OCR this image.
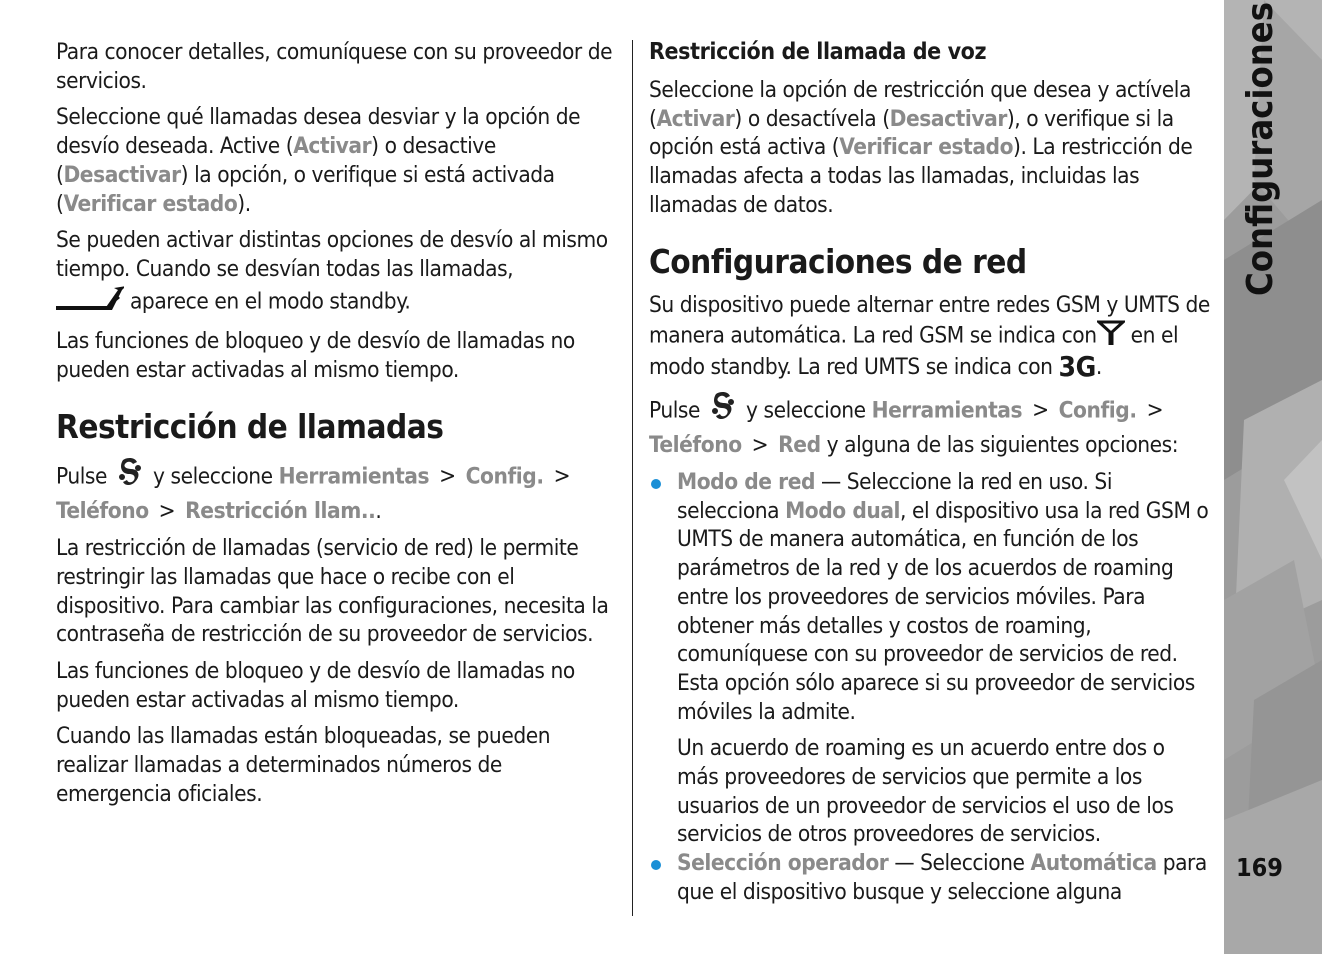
Para conocer detalles, comuníquese con su proveedor de servicios.

Seleccione qué llamadas desea desviar y la opción de desvío deseada. Active (Activar) o desactive (Desactivar) la opción, o verifique si está activada (Verificar estado).

Se pueden activar distintas opciones de desvío al mismo tiempo. Cuando se desvían todas las llamadas,
aparece en el modo standby.

Las funciones de bloqueo y de desvío de llamadas no pueden estar activadas al mismo tiempo.

Restricción de llamadas

Pulse y seleccione Herramientas > Config. >
Teléfono > Restricción llam...

La restricción de llamadas (servicio de red) le permite restringir las llamadas que hace o recibe con el dispositivo. Para cambiar las configuraciones, necesita la contraseña de restricción de su proveedor de servicios.

Las funciones de bloqueo y de desvío de llamadas no pueden estar activadas al mismo tiempo.

Cuando las llamadas están bloqueadas, se pueden realizar llamadas a determinados números de emergencia oficiales.

Restricción de llamada de voz

Seleccione la opción de restricción que desea y actívela (Activar) o desactívela (Desactivar), o verifique si la opción está activa (Verificar estado). La restricción de llamadas afecta a todas las llamadas, incluidas las llamadas de datos.

Configuraciones de red

Su dispositivo puede alternar entre redes GSM y UMTS de manera automática. La red GSM se indica con en el modo standby. La red UMTS se indica con 3G.

Pulse y seleccione Herramientas > Config. >
Teléfono > Red y alguna de las siguientes opciones:

Modo de red — Seleccione la red en uso. Si selecciona Modo dual, el dispositivo usa la red GSM o UMTS de manera automática, en función de los parámetros de la red y de los acuerdos de roaming entre los proveedores de servicios móviles. Para obtener más detalles y costos de roaming, comuníquese con su proveedor de servicios de red. Esta opción sólo aparece si su proveedor de servicios móviles la admite.

Un acuerdo de roaming es un acuerdo entre dos o más proveedores de servicios que permite a los usuarios de un proveedor de servicios el uso de los servicios de otros proveedores de servicios.

Selección operador — Seleccione Automática para que el dispositivo busque y seleccione alguna

Configuraciones
169
